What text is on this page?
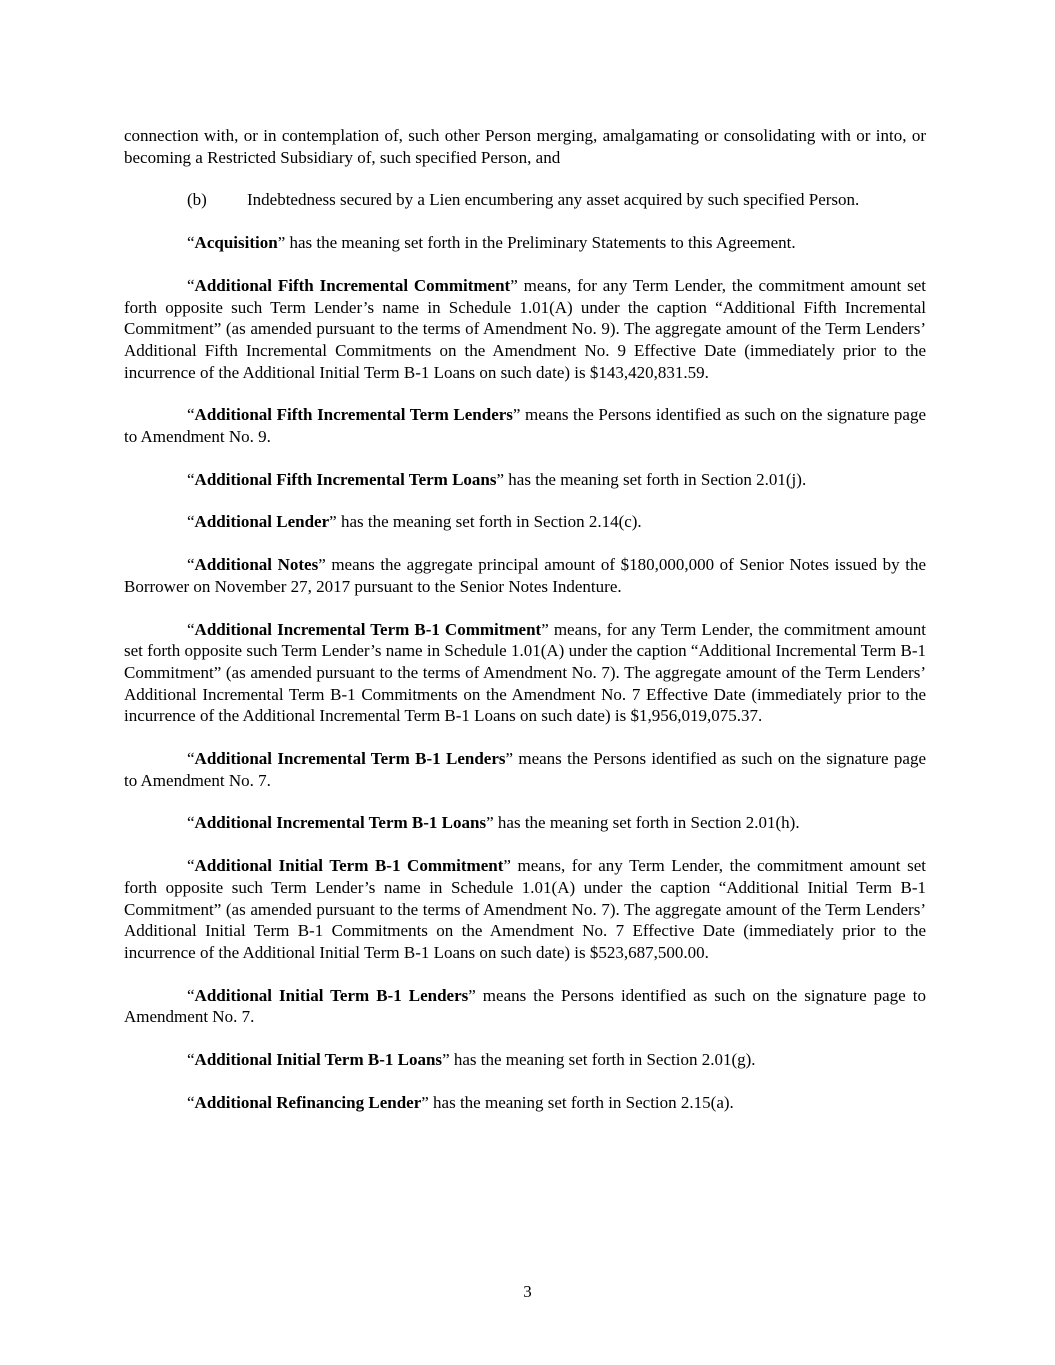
connection with, or in contemplation of, such other Person merging, amalgamating or consolidating with or into, or becoming a Restricted Subsidiary of, such specified Person, and

(b) Indebtedness secured by a Lien encumbering any asset acquired by such specified Person.

“Acquisition” has the meaning set forth in the Preliminary Statements to this Agreement.

“Additional Fifth Incremental Commitment” means, for any Term Lender, the commitment amount set forth opposite such Term Lender’s name in Schedule 1.01(A) under the caption “Additional Fifth Incremental Commitment” (as amended pursuant to the terms of Amendment No. 9). The aggregate amount of the Term Lenders’ Additional Fifth Incremental Commitments on the Amendment No. 9 Effective Date (immediately prior to the incurrence of the Additional Initial Term B-1 Loans on such date) is $143,420,831.59.

“Additional Fifth Incremental Term Lenders” means the Persons identified as such on the signature page to Amendment No. 9.

“Additional Fifth Incremental Term Loans” has the meaning set forth in Section 2.01(j).

“Additional Lender” has the meaning set forth in Section 2.14(c).

“Additional Notes” means the aggregate principal amount of $180,000,000 of Senior Notes issued by the Borrower on November 27, 2017 pursuant to the Senior Notes Indenture.

“Additional Incremental Term B-1 Commitment” means, for any Term Lender, the commitment amount set forth opposite such Term Lender’s name in Schedule 1.01(A) under the caption “Additional Incremental Term B-1 Commitment” (as amended pursuant to the terms of Amendment No. 7). The aggregate amount of the Term Lenders’ Additional Incremental Term B-1 Commitments on the Amendment No. 7 Effective Date (immediately prior to the incurrence of the Additional Incremental Term B-1 Loans on such date) is $1,956,019,075.37.

“Additional Incremental Term B-1 Lenders” means the Persons identified as such on the signature page to Amendment No. 7.

“Additional Incremental Term B-1 Loans” has the meaning set forth in Section 2.01(h).

“Additional Initial Term B-1 Commitment” means, for any Term Lender, the commitment amount set forth opposite such Term Lender’s name in Schedule 1.01(A) under the caption “Additional Initial Term B-1 Commitment” (as amended pursuant to the terms of Amendment No. 7). The aggregate amount of the Term Lenders’ Additional Initial Term B-1 Commitments on the Amendment No. 7 Effective Date (immediately prior to the incurrence of the Additional Initial Term B-1 Loans on such date) is $523,687,500.00.

“Additional Initial Term B-1 Lenders” means the Persons identified as such on the signature page to Amendment No. 7.

“Additional Initial Term B-1 Loans” has the meaning set forth in Section 2.01(g).

“Additional Refinancing Lender” has the meaning set forth in Section 2.15(a).

3
